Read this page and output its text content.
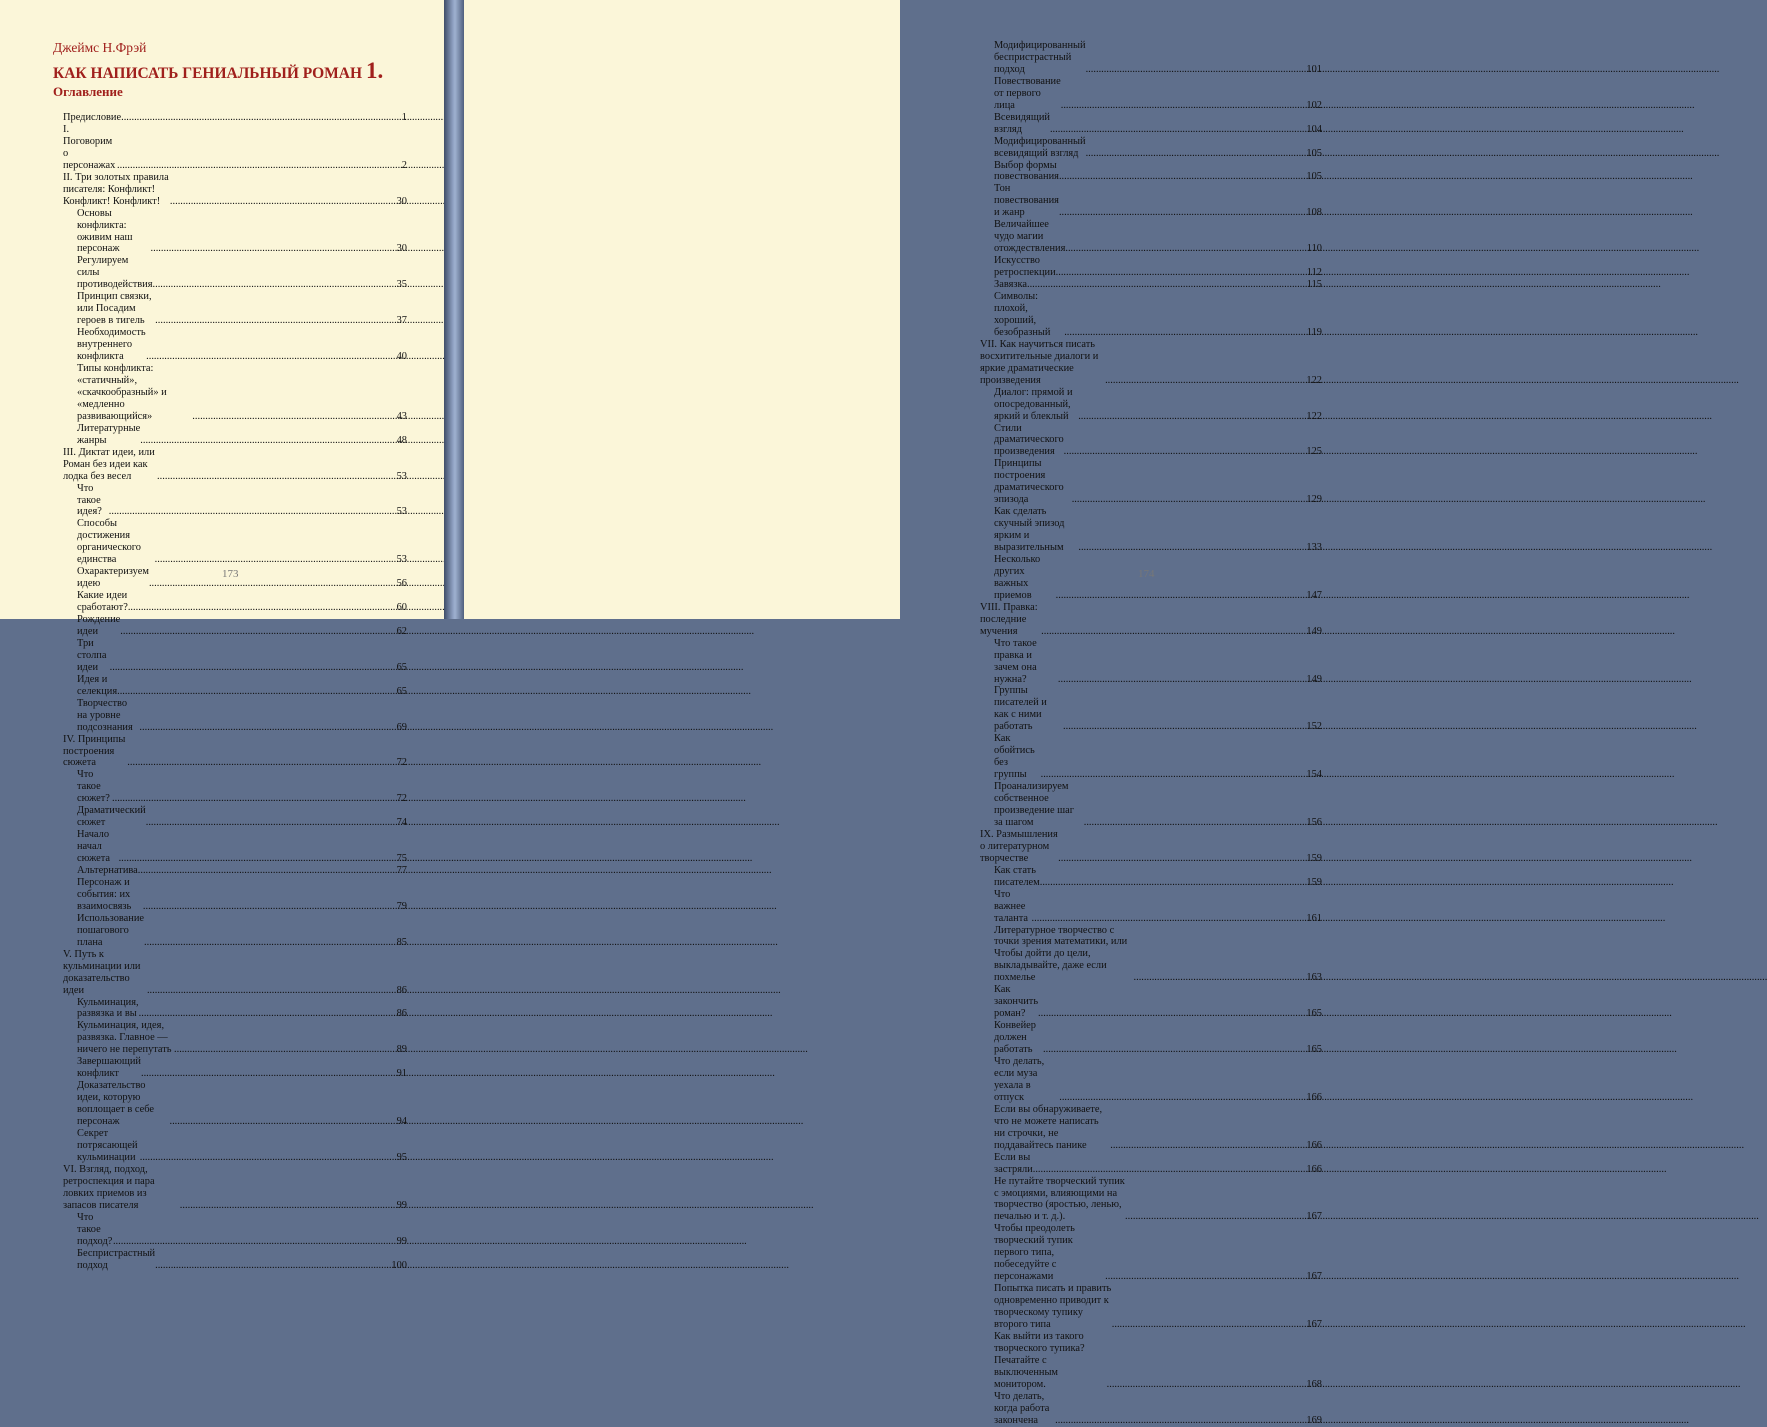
Джеймс Н.Фрэй
КАК НАПИСАТЬ ГЕНИАЛЬНЫЙ РОМАН 1.
Оглавление
Предисловие .....	1
I. Поговорим о персонажах .....	2
II. Три золотых правила писателя: Конфликт! Конфликт! Конфликт! .....	30
Основы конфликта: оживим наш персонаж .....	30
Регулируем силы противодействия .....	35
Принцип связки, или Посадим героев в тигель .....	37
Необходимость внутреннего конфликта .....	40
Типы конфликта: «статичный», «скачкообразный» и «медленно развивающийся» .....	43
Литературные жанры .....	48
III. Диктат идеи, или Роман без идеи как лодка без весел .....	53
Что такое идея? .....	53
Способы достижения органического единства .....	53
Охарактеризуем идею .....	56
Какие идеи сработают? .....	60
Рождение идеи .....	62
Три столпа идеи .....	65
Идея и селекция .....	65
Творчество на уровне подсознания .....	69
IV. Принципы построения сюжета .....	72
Что такое сюжет? .....	72
Драматический сюжет .....	74
Начало начал сюжета .....	75
Альтернатива .....	77
Персонаж и события: их взаимосвязь .....	79
Использование пошагового плана .....	85
V. Путь к кульминации или доказательство идеи .....	86
Кульминация, развязка и вы .....	86
Кульминация, идея, развязка. Главное — ничего не перепутать .....	89
Завершающий конфликт .....	91
Доказательство идеи, которую воплощает в себе персонаж .....	94
Секрет потрясающей кульминации .....	95
VI. Взгляд, подход, ретроспекция и пара ловких приемов из запасов писателя .....	99
Что такое подход? .....	99
Беспристрастный подход .....	100
173
Модифицированный беспристрастный подход .....	101
Повествование от первого лица .....	102
Всевидящий взгляд .....	104
Модифицированный всевидящий взгляд .....	105
Выбор формы повествования .....	105
Тон повествования и жанр .....	108
Величайшее чудо магии отождествления .....	110
Искусство ретроспекции .....	112
Завязка .....	115
Символы: плохой, хороший, безобразный .....	119
VII. Как научиться писать восхитительные диалоги и яркие драматические произведения .....	122
Диалог: прямой и опосредованный, яркий и блеклый .....	122
Стили драматического произведения .....	125
Принципы построения драматического эпизода .....	129
Как сделать скучный эпизод ярким и выразительным .....	133
Несколько других важных приемов .....	147
VIII. Правка: последние мучения .....	149
Что такое правка и зачем она нужна? .....	149
Группы писателей и как с ними работать .....	152
Как обойтись без группы .....	154
Проанализируем собственное произведение шаг за шагом .....	156
IX. Размышления о литературном творчестве .....	159
Как стать писателем .....	159
Что важнее таланта .....	161
Литературное творчество с точки зрения математики, или Чтобы дойти до цели, выкладывайте, даже если похмелье .....	163
Как закончить роман? .....	165
Конвейер должен работать .....	165
Что делать, если муза уехала в отпуск .....	166
Если вы обнаруживаете, что не можете написать ни строчки, не поддавайтесь панике .....	166
Если вы застряли .....	166
Не путайте творческий тупик с эмоциями, влияющими на творчество (яростью, ленью, печалью и т. д.). .....	167
Чтобы преодолеть творческий тупик первого типа, побеседуйте с персонажами .....	167
Попытка писать и править одновременно приводит к творческому тупику второго типа .....	167
Как выйти из такого творческого тупика? Печатайте с выключенным монитором. .....	168
Что делать, когда работа закончена .....	169
174
